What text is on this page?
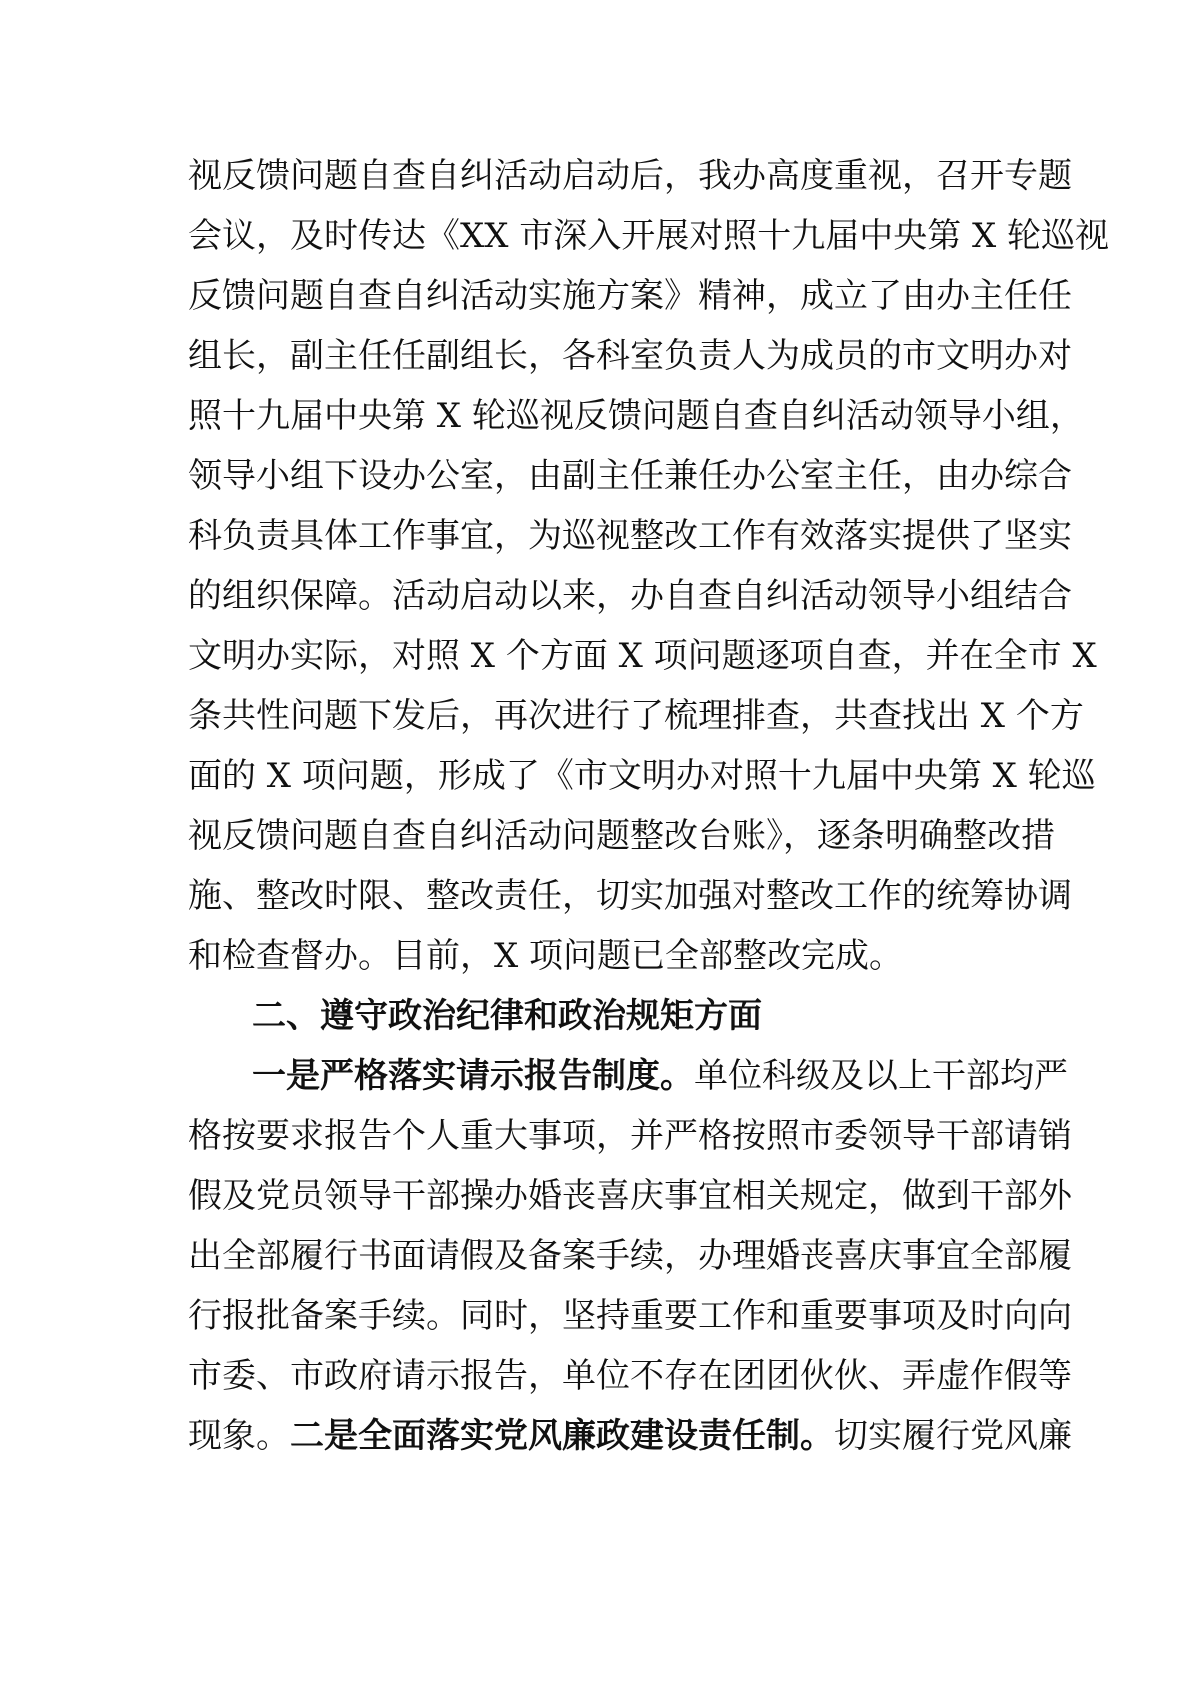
视反馈问题自查自纠活动启动后，我办高度重视，召开专题
会议，及时传达《XX 市深入开展对照十九届中央第 X 轮巡视
反馈问题自查自纠活动实施方案》精神，成立了由办主任任
组长，副主任任副组长，各科室负责人为成员的市文明办对
照十九届中央第 X 轮巡视反馈问题自查自纠活动领导小组，
领导小组下设办公室，由副主任兼任办公室主任，由办综合
科负责具体工作事宜，为巡视整改工作有效落实提供了坚实
的组织保障。活动启动以来，办自查自纠活动领导小组结合
文明办实际，对照 X 个方面 X 项问题逐项自查，并在全市 X
条共性问题下发后，再次进行了梳理排查，共查找出 X 个方
面的 X 项问题，形成了《市文明办对照十九届中央第 X 轮巡
视反馈问题自查自纠活动问题整改台账》，逐条明确整改措
施、整改时限、整改责任，切实加强对整改工作的统筹协调
和检查督办。目前，X 项问题已全部整改完成。
二、遵守政治纪律和政治规矩方面
一是严格落实请示报告制度。单位科级及以上干部均严
格按要求报告个人重大事项，并严格按照市委领导干部请销
假及党员领导干部操办婚丧喜庆事宜相关规定，做到干部外
出全部履行书面请假及备案手续，办理婚丧喜庆事宜全部履
行报批备案手续。同时，坚持重要工作和重要事项及时向向
市委、市政府请示报告，单位不存在团团伙伙、弄虚作假等
现象。二是全面落实党风廉政建设责任制。切实履行党风廉
